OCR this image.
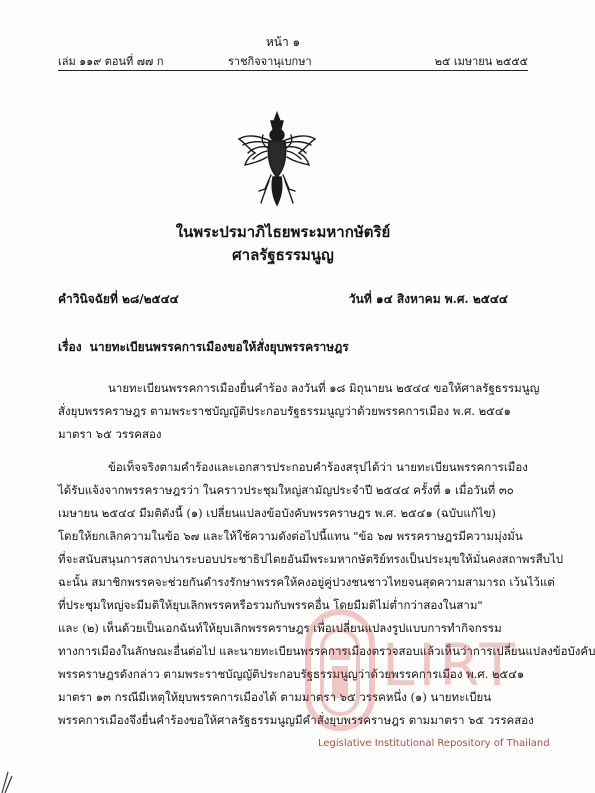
หน้า ๑
เล่ม ๑๑๙ ตอนที่ ๗๗ ก	ราชกิจจานุเบกษา	๒๕ เมษายน ๒๕๕๕
ในพระปรมาภิไธยพระมหากษัตริย์
ศาลรัฐธรรมนูญ
คำวินิจฉัยที่ ๒๘/๒๕๔๔	วันที่ ๑๔ สิงหาคม พ.ศ. ๒๕๔๔
เรื่อง นายทะเบียนพรรคการเมืองขอให้สั่งยุบพรรคราษฎร
นายทะเบียนพรรคการเมืองยื่นคำร้อง ลงวันที่ ๑๘ มิถุนายน ๒๕๔๔ ขอให้ศาลรัฐธรรมนูญ
สั่งยุบพรรคราษฎร ตามพระราชบัญญัติประกอบรัฐธรรมนูญว่าด้วยพรรคการเมือง พ.ศ. ๒๕๔๑
มาตรา ๖๕ วรรคสอง
ข้อเท็จจริงตามคำร้องและเอกสารประกอบคำร้องสรุปได้ว่า นายทะเบียนพรรคการเมือง
ได้รับแจ้งจากพรรคราษฎรว่า ในคราวประชุมใหญ่สามัญประจำปี ๒๕๔๔ ครั้งที่ ๑ เมื่อวันที่ ๓๐
เมษายน ๒๕๔๔ มีมติดังนี้ (๑) เปลี่ยนแปลงข้อบังคับพรรคราษฎร พ.ศ. ๒๕๔๑ (ฉบับแก้ไข)
โดยให้ยกเลิกความในข้อ ๖๗ และให้ใช้ความดังต่อไปนี้แทน "ข้อ ๖๗ พรรคราษฎรมีความมุ่งมั่น
ที่จะสนับสนุนการสถาปนาระบอบประชาธิปไตยอันมีพระมหากษัตริย์ทรงเป็นประมุขให้มั่นคงสถาพรสืบไป
ฉะนั้น สมาชิกพรรคจะช่วยกันดำรงรักษาพรรคให้คงอยู่คู่ปวงชนชาวไทยจนสุดความสามารถ เว้นไว้แต่
ที่ประชุมใหญ่จะมีมติให้ยุบเลิกพรรคหรือรวมกับพรรคอื่น โดยมีมติไม่ต่ำกว่าสองในสาม"
และ (๒) เห็นด้วยเป็นเอกฉันท์ให้ยุบเลิกพรรคราษฎร เพื่อเปลี่ยนแปลงรูปแบบการทำกิจกรรม
ทางการเมืองในลักษณะอื่นต่อไป และนายทะเบียนพรรคการเมืองตรวจสอบแล้วเห็นว่าการเปลี่ยนแปลงข้อบังคับ
พรรคราษฎรดังกล่าว ตามพระราชบัญญัติประกอบรัฐธรรมนูญว่าด้วยพรรคการเมือง พ.ศ. ๒๕๔๑
มาตรา ๑๓ กรณีมีเหตุให้ยุบพรรคการเมืองได้ ตามมาตรา ๖๕ วรรคหนึ่ง (๑) นายทะเบียน
พรรคการเมืองจึงยื่นคำร้องขอให้ศาลรัฐธรรมนูญมีคำสั่งยุบพรรคราษฎร ตามมาตรา ๖๕ วรรคสอง
LIRT
Legislative Institutional Repository of Thailand
